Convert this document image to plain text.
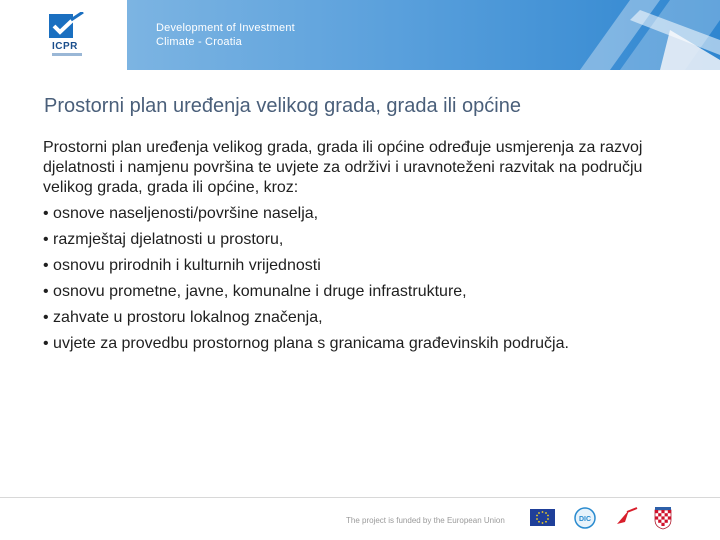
ICPR
Development of Investment
Climate - Croatia
Prostorni plan uređenja velikog grada, grada ili općine

Prostorni plan uređenja velikog grada, grada ili općine određuje usmjerenja za razvoj djelatnosti i namjenu površina te uvjete za održivi i uravnoteženi razvitak na području velikog grada, grada ili općine, kroz:

• osnove naseljenosti/površine naselja,
• razmještaj djelatnosti u prostoru,
• osnovu prirodnih i kulturnih vrijednosti
• osnovu prometne, javne, komunalne i druge infrastrukture,
• zahvate u prostoru lokalnog značenja,
• uvjete za provedbu prostornog plana s granicama građevinskih područja.
The project is funded by the European Union	DIC
